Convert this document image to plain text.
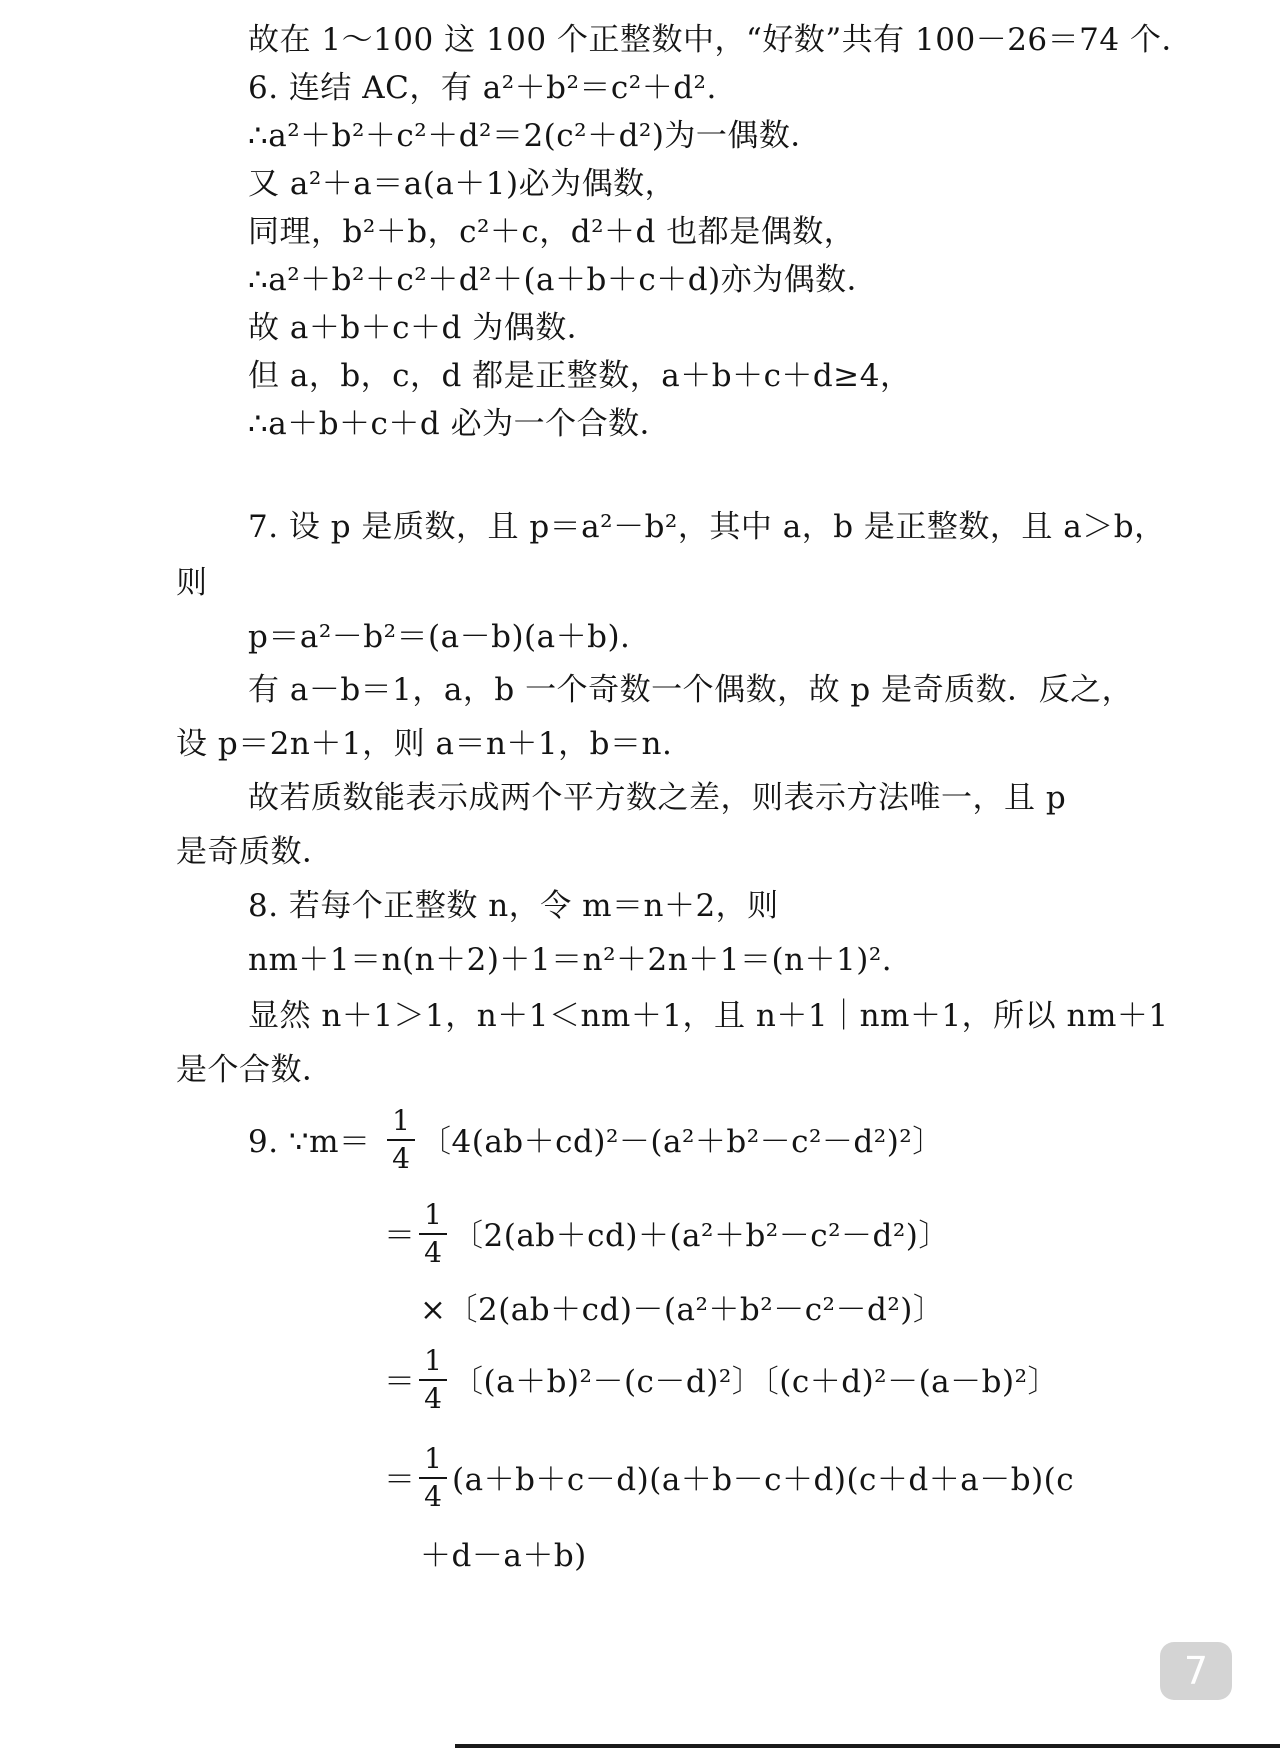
故在 1～100 这 100 个正整数中，“好数”共有 100－26＝74 个．
6. 连结 AC，有 a²＋b²＝c²＋d².
∴a²＋b²＋c²＋d²＝2(c²＋d²)为一偶数．
又 a²＋a＝a(a＋1)必为偶数，
同理，b²＋b，c²＋c，d²＋d 也都是偶数，
∴a²＋b²＋c²＋d²＋(a＋b＋c＋d)亦为偶数．
故 a＋b＋c＋d 为偶数．
但 a，b，c，d 都是正整数，a＋b＋c＋d≥4，
∴a＋b＋c＋d 必为一个合数．
7. 设 p 是质数，且 p＝a²－b²，其中 a，b 是正整数，且 a＞b，
则
p＝a²－b²＝(a－b)(a＋b).
有 a－b＝1，a，b 一个奇数一个偶数，故 p 是奇质数．反之，
设 p＝2n＋1，则 a＝n＋1，b＝n.
故若质数能表示成两个平方数之差，则表示方法唯一，且 p
是奇质数．
8. 若每个正整数 n，令 m＝n＋2，则
nm＋1＝n(n＋2)＋1＝n²＋2n＋1＝(n＋1)².
显然 n＋1＞1，n＋1＜nm＋1，且 n＋1｜nm＋1，所以 nm＋1
是个合数．
9. ∵m＝
1
4 〔4(ab＋cd)²－(a²＋b²－c²－d²)²〕
＝
1
4 〔2(ab＋cd)＋(a²＋b²－c²－d²)〕
×〔2(ab＋cd)－(a²＋b²－c²－d²)〕
＝
1
4 〔(a＋b)²－(c－d)²〕〔(c＋d)²－(a－b)²〕
＝
1
4 (a＋b＋c－d)(a＋b－c＋d)(c＋d＋a－b)(c
＋d－a＋b)
7
